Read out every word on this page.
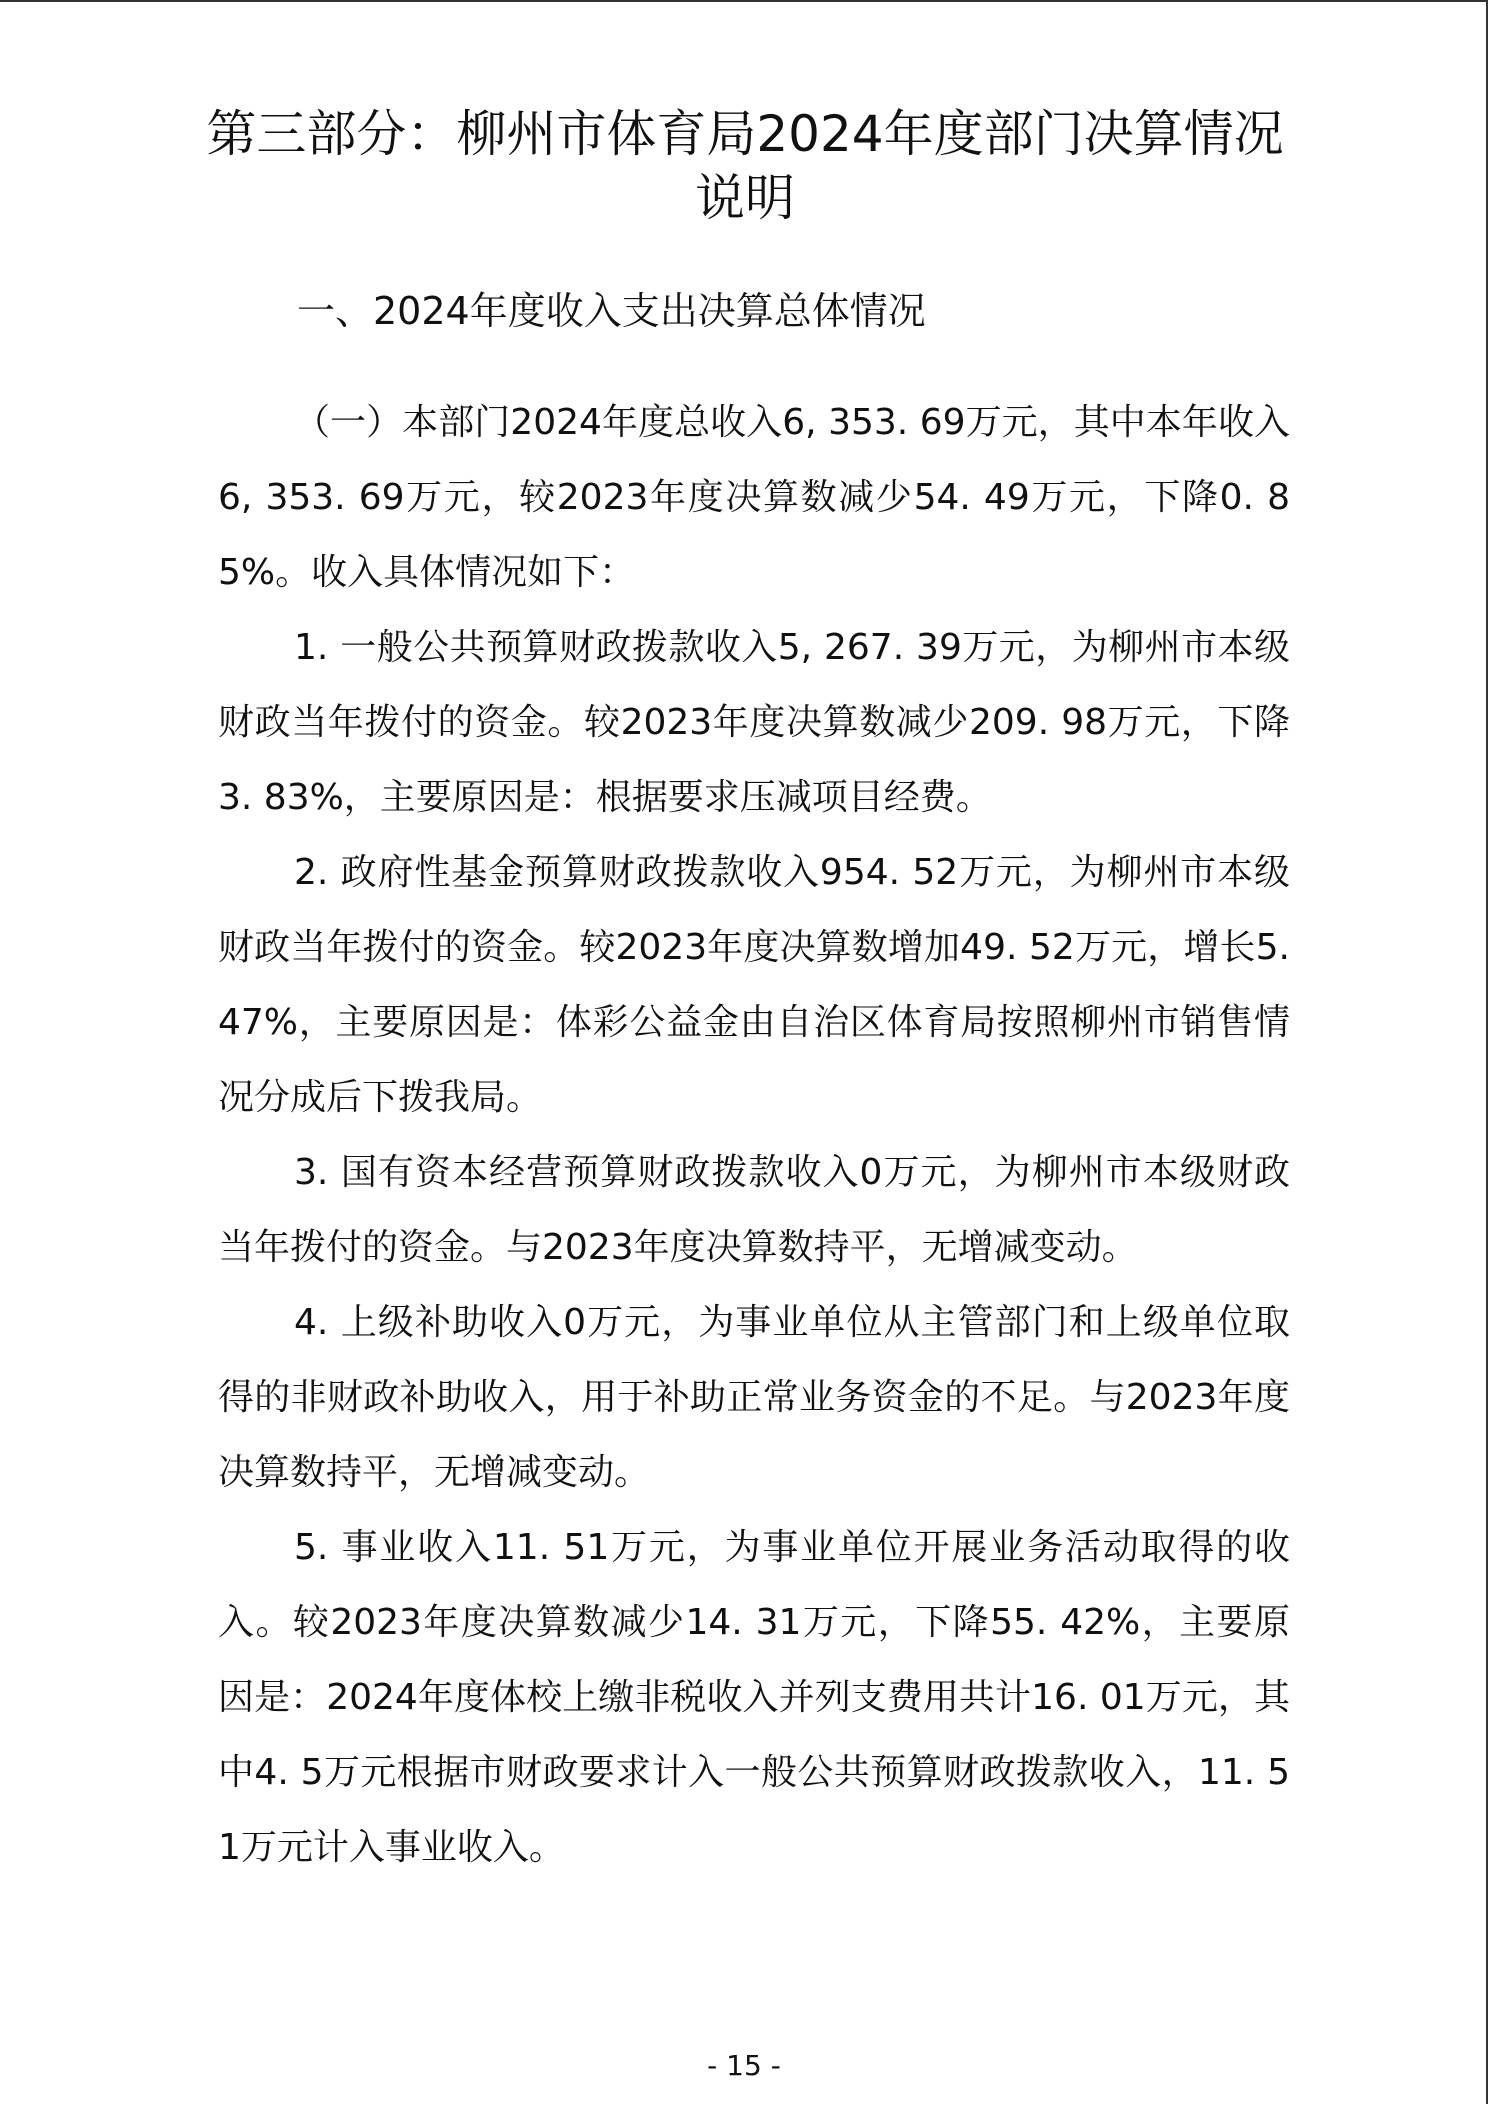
第三部分：柳州市体育局2024年度部门决算情况说明
一、2024年度收入支出决算总体情况

（一）本部门2024年度总收入6, 353. 69万元，其中本年收入6, 353. 69万元，较2023年度决算数减少54. 49万元，下降0. 85%。收入具体情况如下：

1. 一般公共预算财政拨款收入5, 267. 39万元，为柳州市本级财政当年拨付的资金。较2023年度决算数减少209. 98万元，下降3. 83%，主要原因是：根据要求压减项目经费。

2. 政府性基金预算财政拨款收入954. 52万元，为柳州市本级财政当年拨付的资金。较2023年度决算数增加49. 52万元，增长5. 47%，主要原因是：体彩公益金由自治区体育局按照柳州市销售情况分成后下拨我局。

3. 国有资本经营预算财政拨款收入0万元，为柳州市本级财政当年拨付的资金。与2023年度决算数持平，无增减变动。

4. 上级补助收入0万元，为事业单位从主管部门和上级单位取得的非财政补助收入，用于补助正常业务资金的不足。与2023年度决算数持平，无增减变动。

5. 事业收入11. 51万元，为事业单位开展业务活动取得的收入。较2023年度决算数减少14. 31万元，下降55. 42%，主要原因是：2024年度体校上缴非税收入并列支费用共计16. 01万元，其中4. 5万元根据市财政要求计入一般公共预算财政拨款收入，11. 51万元计入事业收入。

- 15 -
